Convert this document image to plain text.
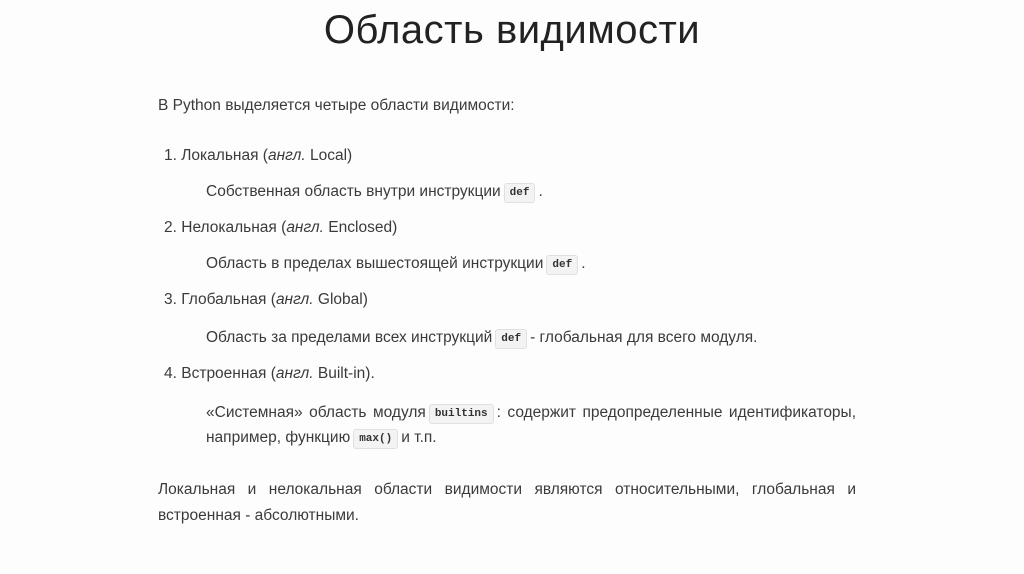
Область видимости
В Python выделяется четыре области видимости:
1. Локальная (англ. Local)
Собственная область внутри инструкции def .
2. Нелокальная (англ. Enclosed)
Область в пределах вышестоящей инструкции def .
3. Глобальная (англ. Global)
Область за пределами всех инструкций def - глобальная для всего модуля.
4. Встроенная (англ. Built-in).
«Системная» область модуля builtins : содержит предопределенные идентификаторы, например, функцию max() и т.п.
Локальная и нелокальная области видимости являются относительными, глобальная и встроенная - абсолютными.
